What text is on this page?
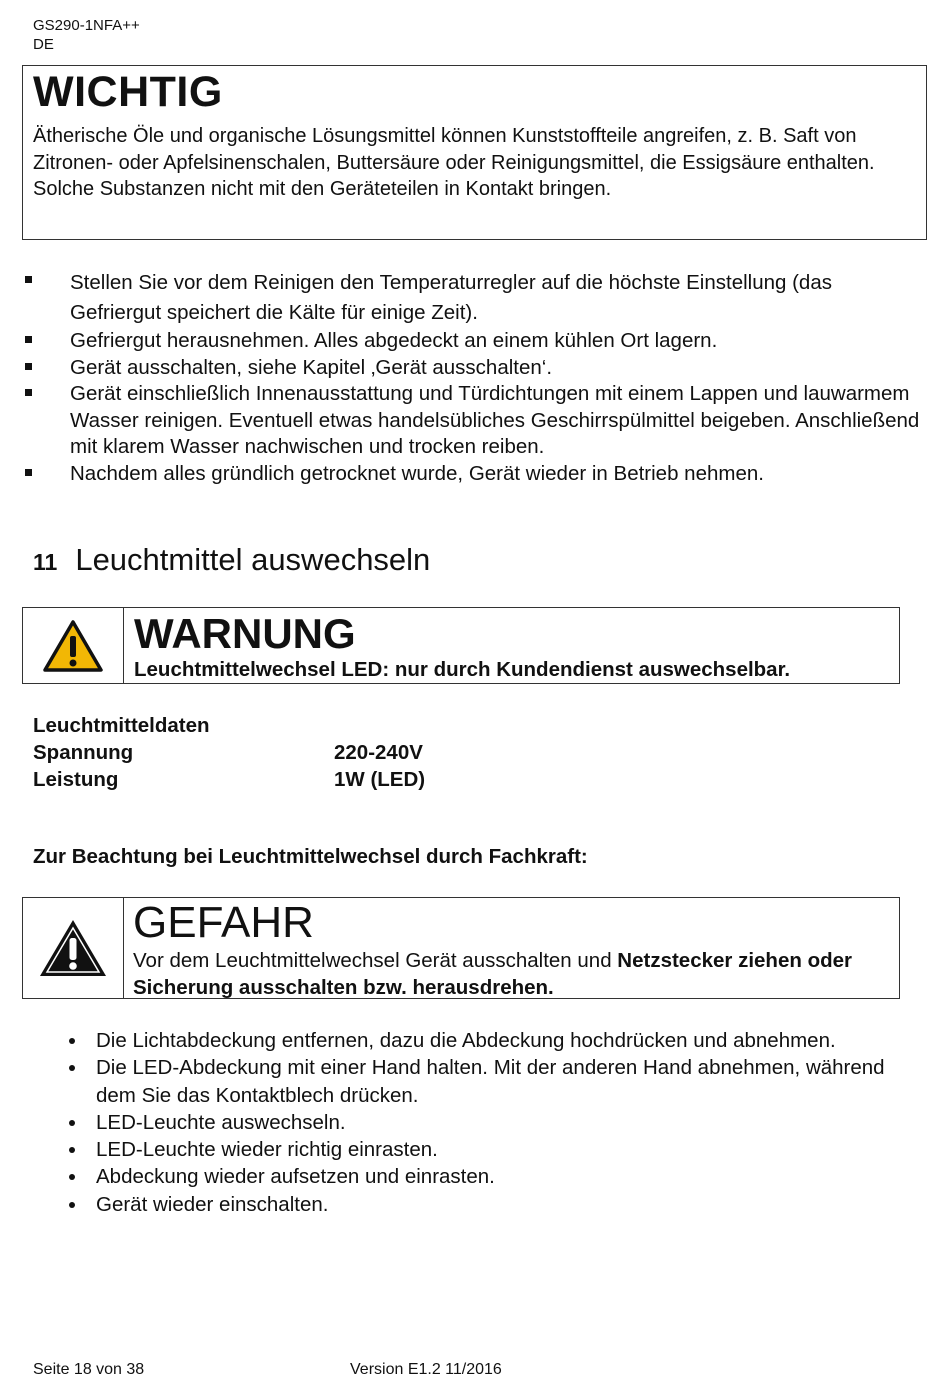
GS290-1NFA++
DE
WICHTIG
Ätherische Öle und organische Lösungsmittel können Kunststoffteile angreifen, z. B. Saft von Zitronen- oder Apfelsinenschalen, Buttersäure oder Reinigungsmittel, die Essigsäure enthalten. Solche Substanzen nicht mit den Geräteteilen in Kontakt bringen.
Stellen Sie vor dem Reinigen den Temperaturregler auf die höchste Einstellung (das Gefriergut speichert die Kälte für einige Zeit).
Gefriergut herausnehmen. Alles abgedeckt an einem kühlen Ort lagern.
Gerät ausschalten, siehe Kapitel ‚Gerät ausschalten‘.
Gerät einschließlich Innenausstattung und Türdichtungen mit einem Lappen und lauwarmem Wasser reinigen. Eventuell etwas handelsübliches Geschirrspülmittel beigeben. Anschließend mit klarem Wasser nachwischen und trocken reiben.
Nachdem alles gründlich getrocknet wurde, Gerät wieder in Betrieb nehmen.
11 Leuchtmittel auswechseln
WARNUNG
Leuchtmittelwechsel LED: nur durch Kundendienst auswechselbar.
Leuchtmitteldaten
Spannung	220-240V
Leistung	1W (LED)
Zur Beachtung bei Leuchtmittelwechsel durch Fachkraft:
GEFAHR
Vor dem Leuchtmittelwechsel Gerät ausschalten und Netzstecker ziehen oder Sicherung ausschalten bzw. herausdrehen.
Die Lichtabdeckung entfernen, dazu die Abdeckung hochdrücken und abnehmen.
Die LED-Abdeckung mit einer Hand halten. Mit der anderen Hand abnehmen, während dem Sie das Kontaktblech drücken.
LED-Leuchte auswechseln.
LED-Leuchte wieder richtig einrasten.
Abdeckung wieder aufsetzen und einrasten.
Gerät wieder einschalten.
Seite 18 von 38	Version E1.2 11/2016
